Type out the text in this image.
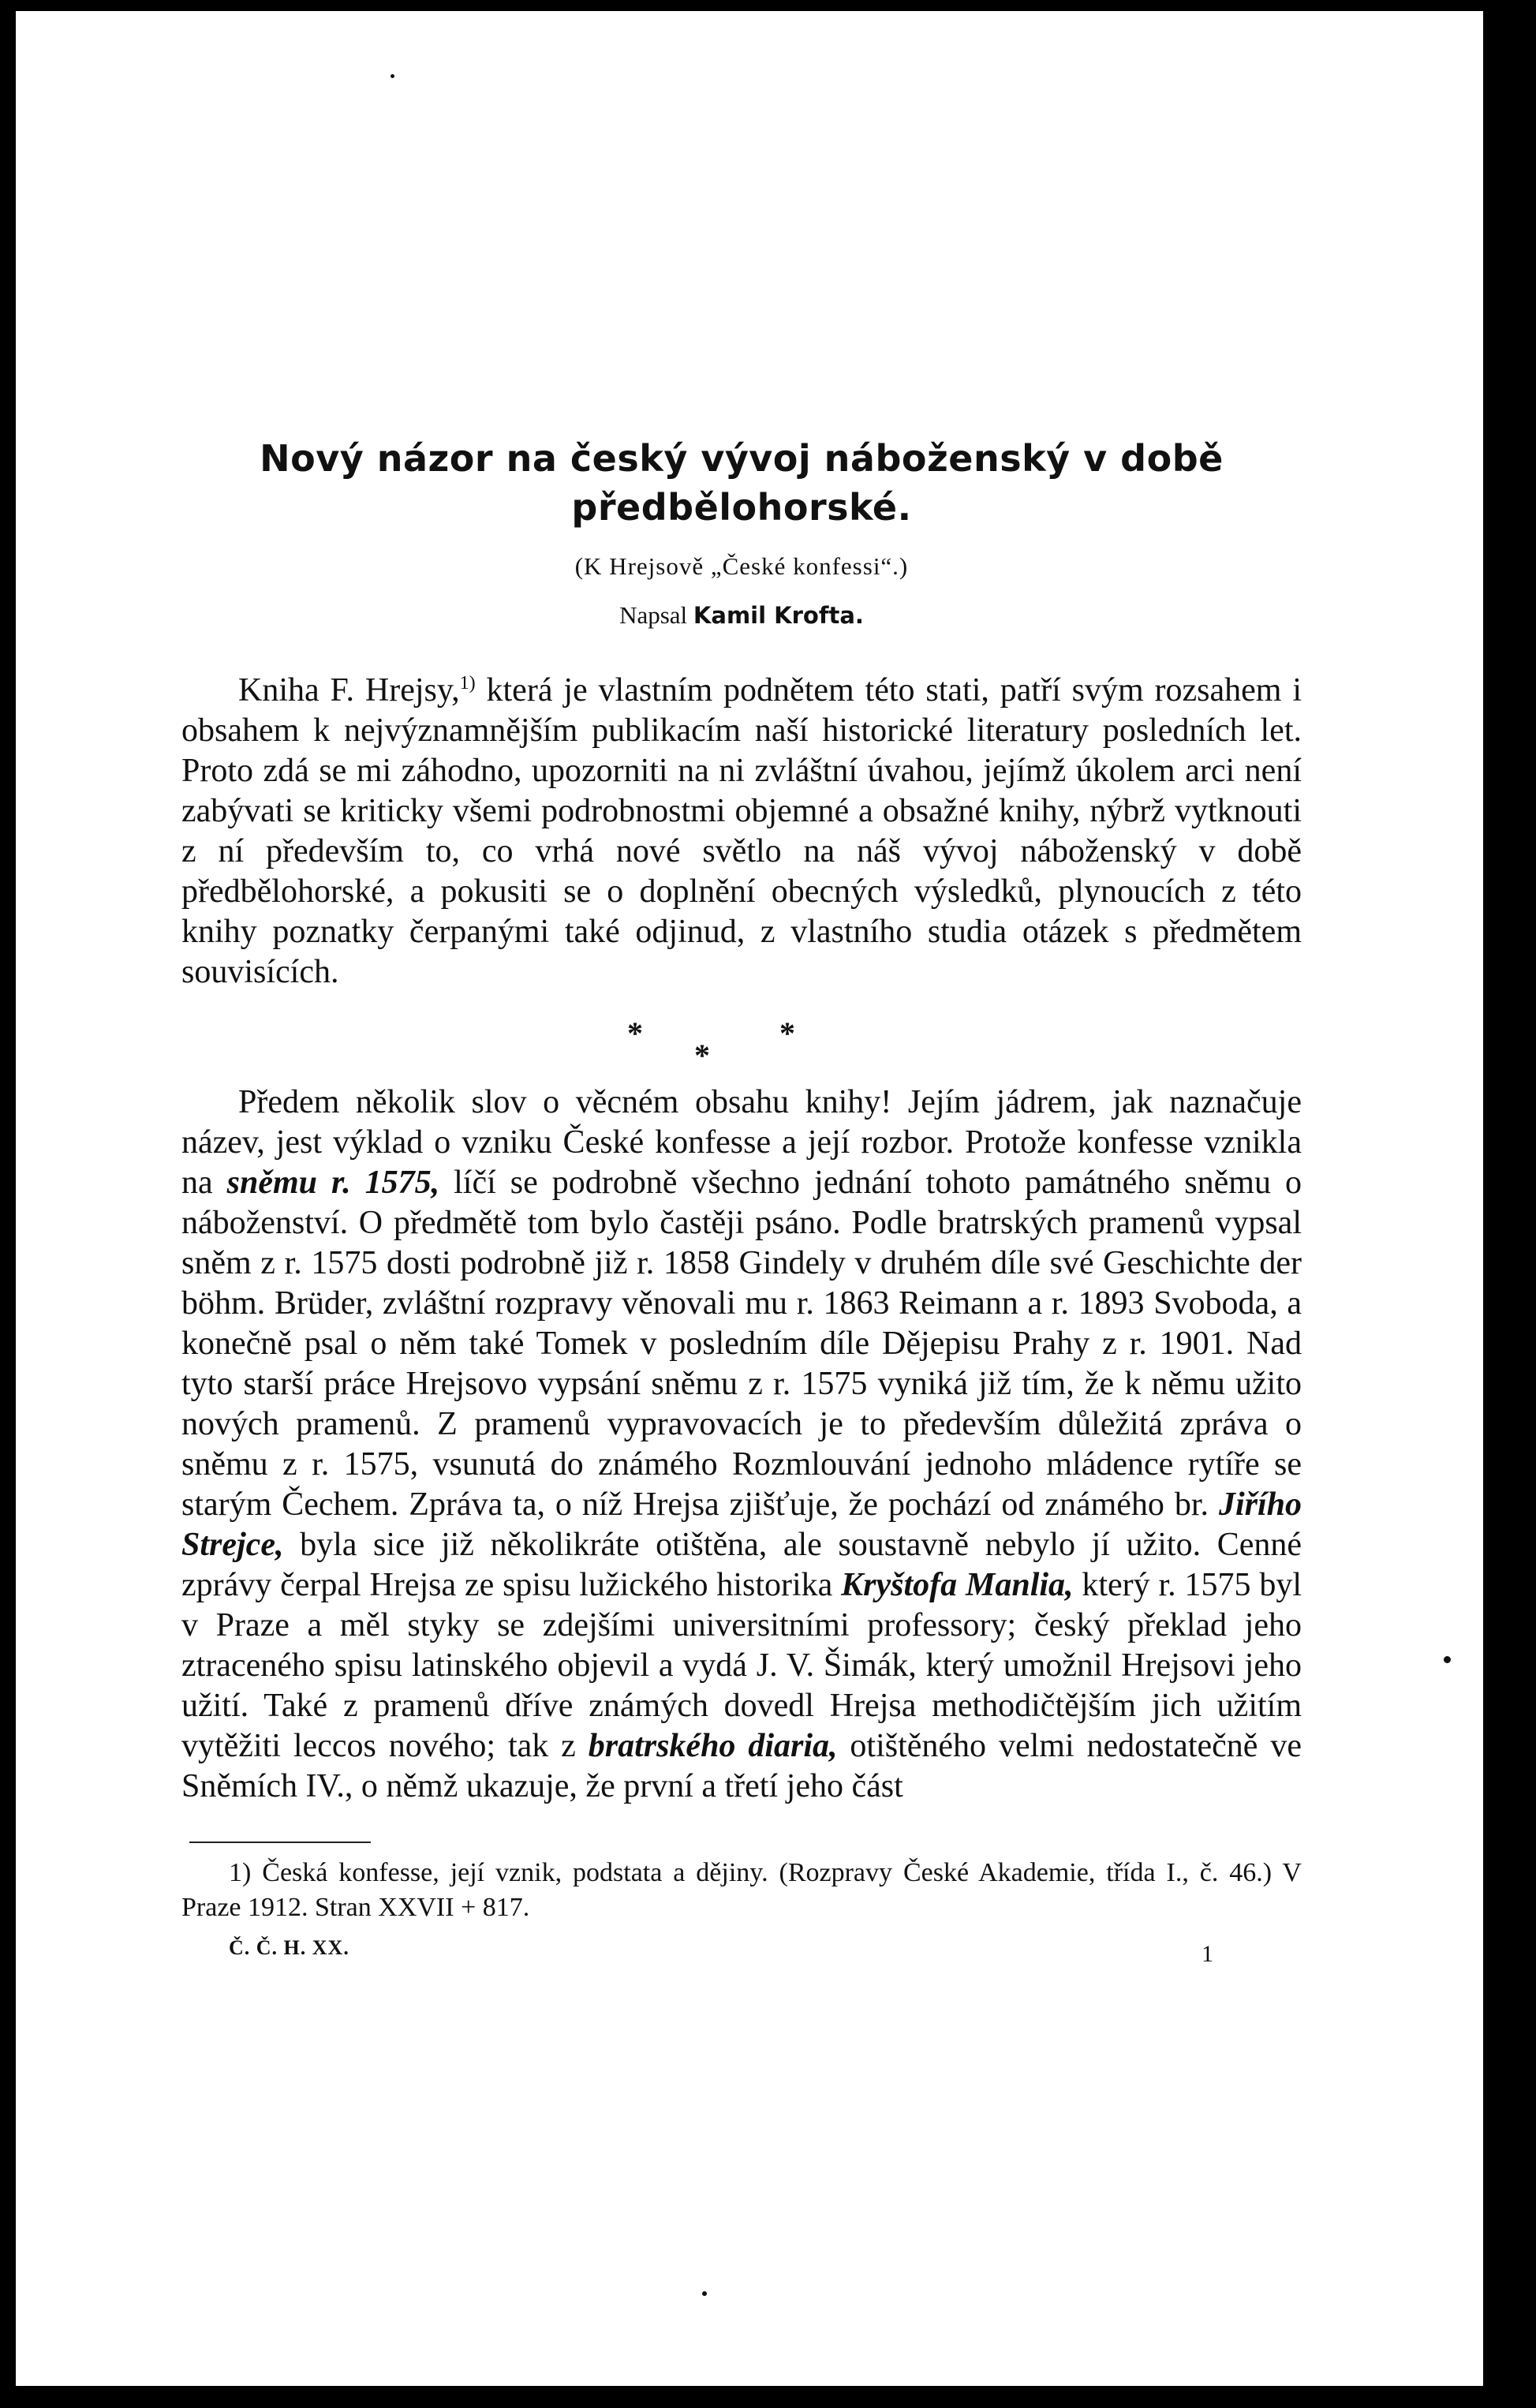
Nový názor na český vývoj náboženský v době předbělohorské.
(K Hrejsově „České konfessi“.)
Napsal Kamil Krofta.

Kniha F. Hrejsy,$^{1)}$ která je vlastním podnětem této stati, patří svým rozsahem i obsahem k nejvýznamnějším publikacím naší historické literatury posledních let. Proto zdá se mi záhodno, upozorniti na ni zvláštní úvahou, jejímž úkolem arci není zabývati se kriticky všemi podrobnostmi objemné a obsažné knihy, nýbrž vytknouti z ní především to, co vrhá nové světlo na náš vývoj náboženský v době předbělohorské, a pokusiti se o doplnění obecných výsledků, plynoucích z této knihy poznatky čerpanými také odjinud, z vlastního studia otázek s předmětem souvisících.

*
*
*

Předem několik slov o věcném obsahu knihy! Jejím jádrem, jak naznačuje název, jest výklad o vzniku České konfesse a její rozbor. Protože konfesse vznikla na sněmu r. 1575, líčí se podrobně všechno jednání tohoto památného sněmu o náboženství. O předmětě tom bylo častěji psáno. Podle bratrských pramenů vypsal sněm z r. 1575 dosti podrobně již r. 1858 Gindely v druhém díle své Geschichte der böhm. Brüder, zvláštní rozpravy věnovali mu r. 1863 Reimann a r. 1893 Svoboda, a konečně psal o něm také Tomek v posledním díle Dějepisu Prahy z r. 1901. Nad tyto starší práce Hrejsovo vypsání sněmu z r. 1575 vyniká již tím, že k němu užito nových pramenů. Z pramenů vypravovacích je to především důležitá zpráva o sněmu z r. 1575, vsunutá do známého Rozmlouvání jednoho mládence rytíře se starým Čechem. Zpráva ta, o níž Hrejsa zjišťuje, že pochází od známého br. Jiřího Strejce, byla sice již několikráte otištěna, ale soustavně nebylo jí užito. Cenné zprávy čerpal Hrejsa ze spisu lužického historika Kryštofa Manlia, který r. 1575 byl v Praze a měl styky se zdejšími universitními professory; český překlad jeho ztraceného spisu latinského objevil a vydá J. V. Šimák, který umožnil Hrejsovi jeho užití. Také z pramenů dříve známých dovedl Hrejsa methodičtějším jich užitím vytěžiti leccos nového; tak z bratrského diaria, otištěného velmi nedostatečně ve Sněmích IV., o němž ukazuje, že první a třetí jeho část

1) Česká konfesse, její vznik, podstata a dějiny. (Rozpravy České Akademie, třída I., č. 46.) V Praze 1912. Stran XXVII + 817.
Č. Č. H. XX.	1
